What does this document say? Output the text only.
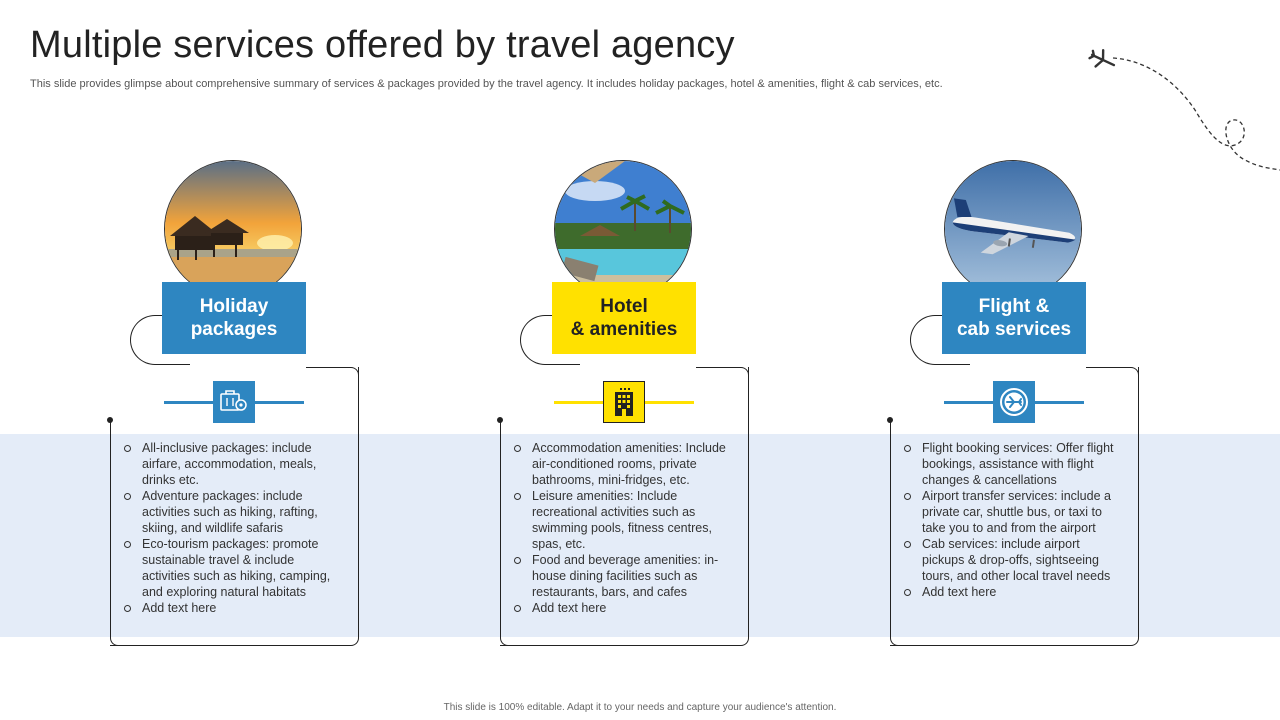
Multiple services offered by travel agency
This slide provides glimpse about comprehensive summary of services & packages provided by the travel agency. It includes holiday packages, hotel & amenities, flight & cab services, etc.
Holiday
packages
All-inclusive packages: include airfare, accommodation, meals, drinks etc.
Adventure packages: include activities such as hiking, rafting, skiing, and wildlife safaris
Eco-tourism packages: promote sustainable travel & include activities such as hiking, camping, and exploring natural habitats
Add text here
Hotel
& amenities
Accommodation amenities: Include air-conditioned rooms, private bathrooms, mini-fridges, etc.
Leisure amenities: Include recreational activities such as swimming pools, fitness centres, spas, etc.
Food and beverage amenities: in-house dining facilities such as restaurants, bars, and cafes
Add text here
Flight &
cab services
Flight booking services: Offer flight bookings, assistance with flight changes & cancellations
Airport transfer services: include a private car, shuttle bus, or taxi to take you to and from the airport
Cab services: include airport pickups & drop-offs, sightseeing tours, and other local travel needs
Add text here
This slide is 100% editable. Adapt it to your needs and capture your audience's attention.
